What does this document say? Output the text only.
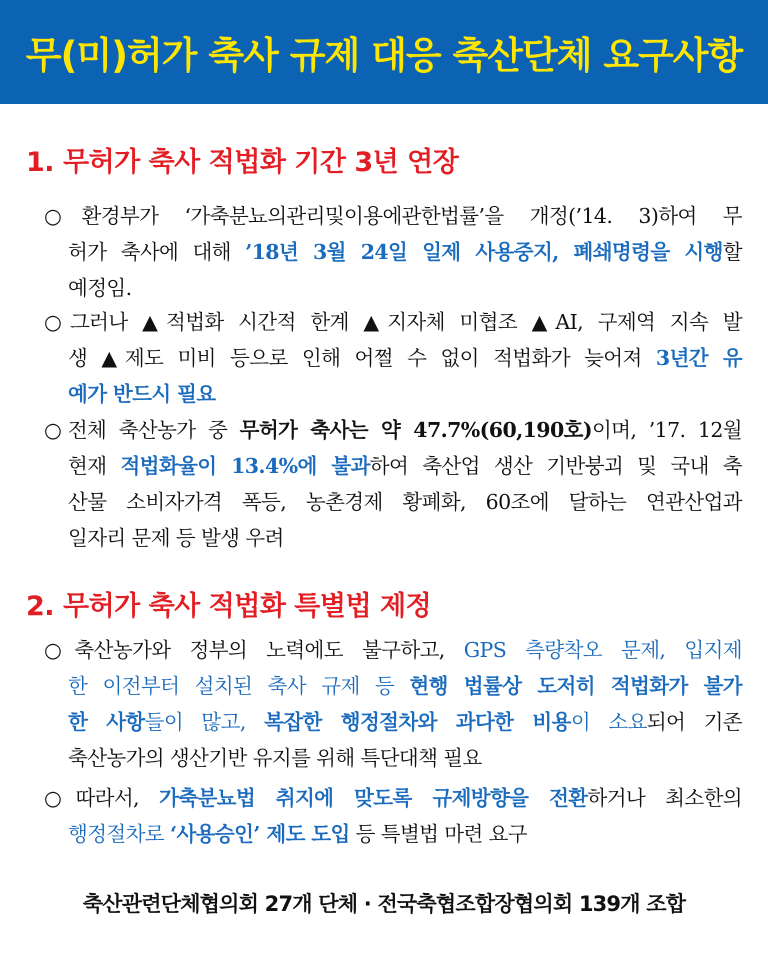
무(미)허가 축사 규제 대응 축산단체 요구사항
1. 무허가 축사 적법화 기간 3년 연장
○환경부가 ‘가축분뇨의관리및이용에관한법률’을 개정(’14. 3)하여 무
허가 축사에 대해 ’18년 3월 24일 일제 사용중지, 폐쇄명령을 시행할
예정임.
○그러나 ▲적법화 시간적 한계 ▲지자체 미협조 ▲AI, 구제역 지속 발
생 ▲제도 미비 등으로 인해 어쩔 수 없이 적법화가 늦어져 3년간 유
예가 반드시 필요
○전체 축산농가 중 무허가 축사는 약 47.7%(60,190호)이며, ’17. 12월
현재 적법화율이 13.4%에 불과하여 축산업 생산 기반붕괴 및 국내 축
산물 소비자가격 폭등, 농촌경제 황폐화, 60조에 달하는 연관산업과
일자리 문제 등 발생 우려
2. 무허가 축사 적법화 특별법 제정
○축산농가와 정부의 노력에도 불구하고, GPS 측량착오 문제, 입지제
한 이전부터 설치된 축사 규제 등 현행 법률상 도저히 적법화가 불가
한 사항들이 많고, 복잡한 행정절차와 과다한 비용이 소요되어 기존
축산농가의 생산기반 유지를 위해 특단대책 필요
○따라서, 가축분뇨법 취지에 맞도록 규제방향을 전환하거나 최소한의
행정절차로 ‘사용승인’ 제도 도입 등 특별법 마련 요구
축산관련단체협의회 27개 단체 · 전국축협조합장협의회 139개 조합
